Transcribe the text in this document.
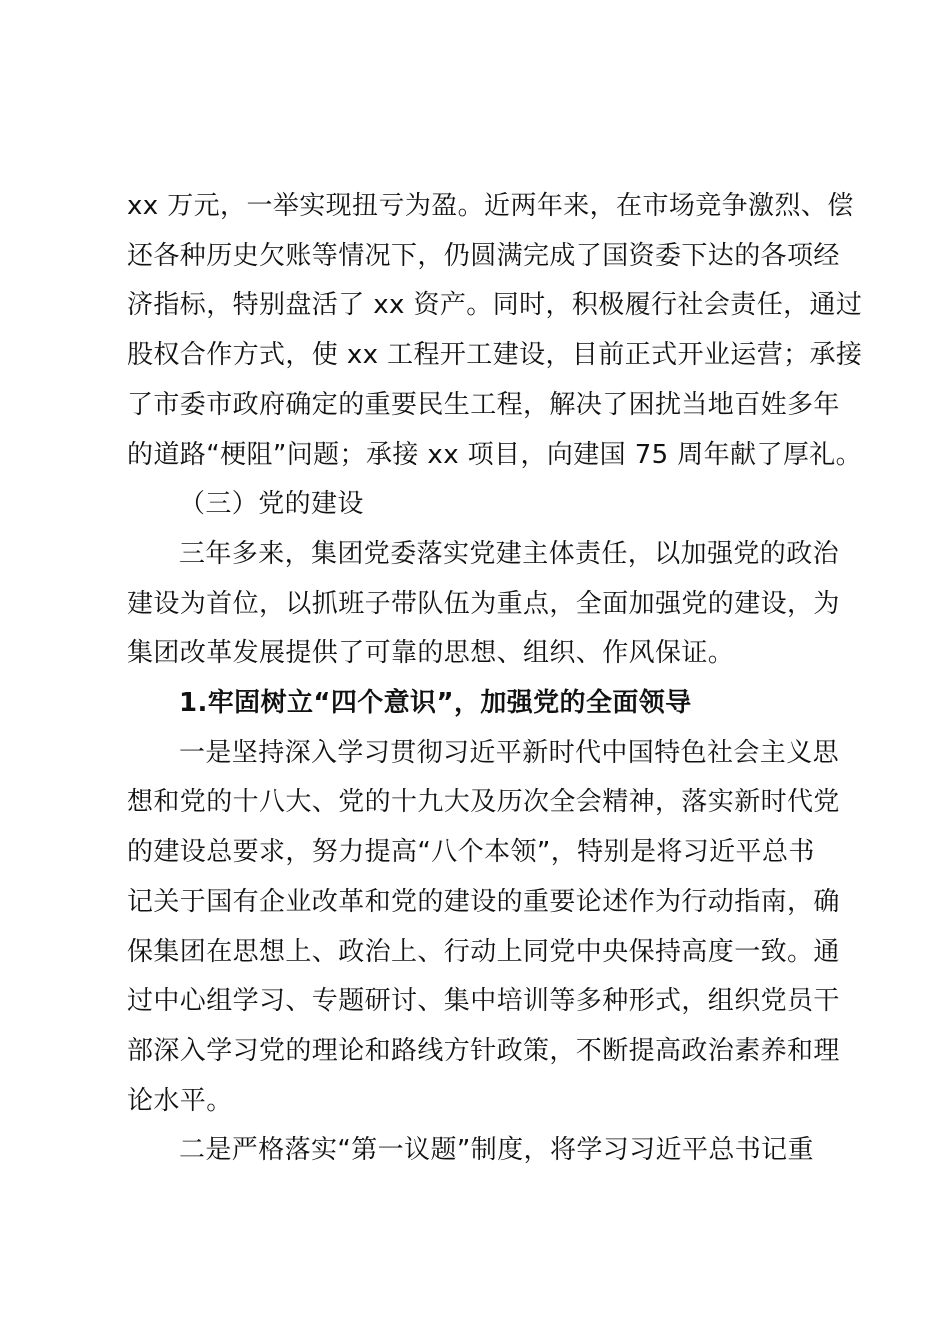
xx 万元，一举实现扭亏为盈。近两年来，在市场竞争激烈、偿
还各种历史欠账等情况下，仍圆满完成了国资委下达的各项经
济指标，特别盘活了 xx 资产。同时，积极履行社会责任，通过
股权合作方式，使 xx 工程开工建设，目前正式开业运营；承接
了市委市政府确定的重要民生工程，解决了困扰当地百姓多年
的道路“梗阻”问题；承接 xx 项目，向建国 75 周年献了厚礼。

（三）党的建设

三年多来，集团党委落实党建主体责任，以加强党的政治
建设为首位，以抓班子带队伍为重点，全面加强党的建设，为
集团改革发展提供了可靠的思想、组织、作风保证。

1.牢固树立“四个意识”，加强党的全面领导

一是坚持深入学习贯彻习近平新时代中国特色社会主义思
想和党的十八大、党的十九大及历次全会精神，落实新时代党
的建设总要求，努力提高“八个本领”，特别是将习近平总书
记关于国有企业改革和党的建设的重要论述作为行动指南，确
保集团在思想上、政治上、行动上同党中央保持高度一致。通
过中心组学习、专题研讨、集中培训等多种形式，组织党员干
部深入学习党的理论和路线方针政策，不断提高政治素养和理
论水平。

二是严格落实“第一议题”制度，将学习习近平总书记重
